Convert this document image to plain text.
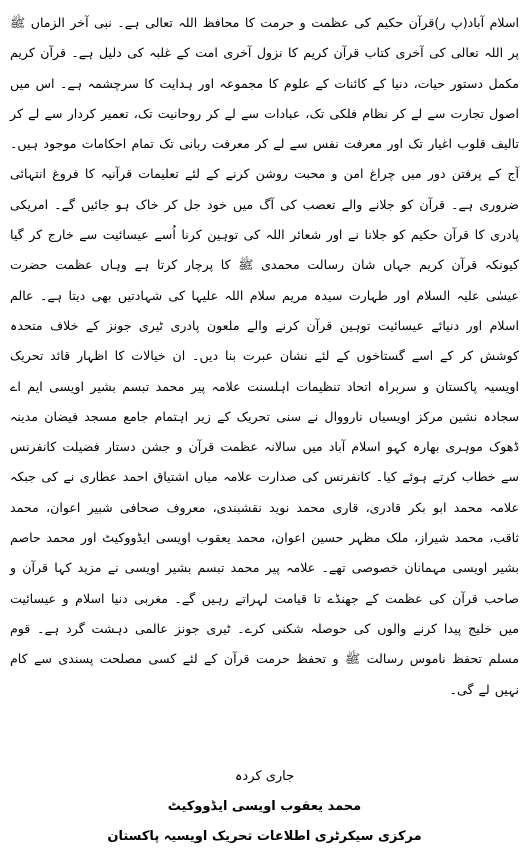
اسلام آباد(پ ر)قرآن حکیم کی عظمت و حرمت کا محافظ اللہ تعالی ہے۔ نبی آخر الزماں ﷺ پر اللہ تعالی کی آخری کتاب قرآن کریم کا نزول آخری امت کے غلبہ کی دلیل ہے۔ قرآن کریم مکمل دستور حیات، دنیا کے کائنات کے علوم کا مجموعہ اور ہدایت کا سرچشمہ ہے۔ اس میں اصول تجارت سے لے کر نظام فلکی تک، عبادات سے لے کر روحانیت تک، تعمیر کردار سے لے کر تالیف قلوب اغیار تک اور معرفت نفس سے لے کر معرفت ربانی تک تمام احکامات موجود ہیں۔ آج کے پرفتن دور میں چراغ امن و محبت روشن کرنے کے لئے تعلیمات قرآنیہ کا فروغ انتہائی ضروری ہے۔ قرآن کو جلانے والے تعصب کی آگ میں خود جل کر خاک ہو جائیں گے۔ امریکی پادری کا قرآن حکیم کو جلانا نے اور شعائر اللہ کی توہین کرنا اُسے عیسائیت سے خارج کر گیا کیونکہ قرآن کریم جہاں شان رسالت محمدی ﷺ کا پرچار کرتا ہے وہاں عظمت حضرت عیسٰی علیہ السلام اور طہارت سیدہ مریم سلام اللہ علیہا کی شہادتیں بھی دیتا ہے۔ عالم اسلام اور دنیائے عیسائیت توہین قرآن کرنے والے ملعون پادری ٹیری جونز کے خلاف متحدہ کوشش کر کے اسے گستاخوں کے لئے نشان عبرت بنا دیں۔ ان خیالات کا اظہار قائد تحریک اویسیہ پاکستان و سربراہ اتحاد تنظیمات اہلسنت علامہ پیر محمد تبسم بشیر اویسی ایم اے سجادہ نشین مرکز اویسیاں نارووال نے سنی تحریک کے زیر اہتمام جامع مسجد فیضان مدینہ ڈھوک موہری بھارہ کہو اسلام آباد میں سالانہ عظمت قرآن و جشن دستار فضیلت کانفرنس سے خطاب کرتے ہوئے کیا۔ کانفرنس کی صدارت علامہ میاں اشتیاق احمد عطاری نے کی جبکہ علامہ محمد ابو بکر قادری، قاری محمد نوید نقشبندی، معروف صحافی شبیر اعوان، محمد ثاقب، محمد شیراز، ملک مظہر حسین اعوان، محمد یعقوب اویسی ایڈووکیٹ اور محمد حاصم بشیر اویسی مہمانان خصوصی تھے۔ علامہ پیر محمد تبسم بشیر اویسی نے مزید کہا قرآن و صاحب قرآن کی عظمت کے جھنڈے تا قیامت لہراتے رہیں گے۔ مغربی دنیا اسلام و عیسائیت میں خلیج پیدا کرنے والوں کی حوصلہ شکنی کرے۔ ٹیری جونز عالمی دہشت گرد ہے۔ قوم مسلم تحفظ ناموس رسالت ﷺ و تحفظ حرمت قرآن کے لئے کسی مصلحت پسندی سے کام نہیں لے گی۔

جاری کردہ
محمد یعقوب اویسی ایڈووکیٹ
مرکزی سیکرٹری اطلاعات تحریک اویسیہ پاکستان
